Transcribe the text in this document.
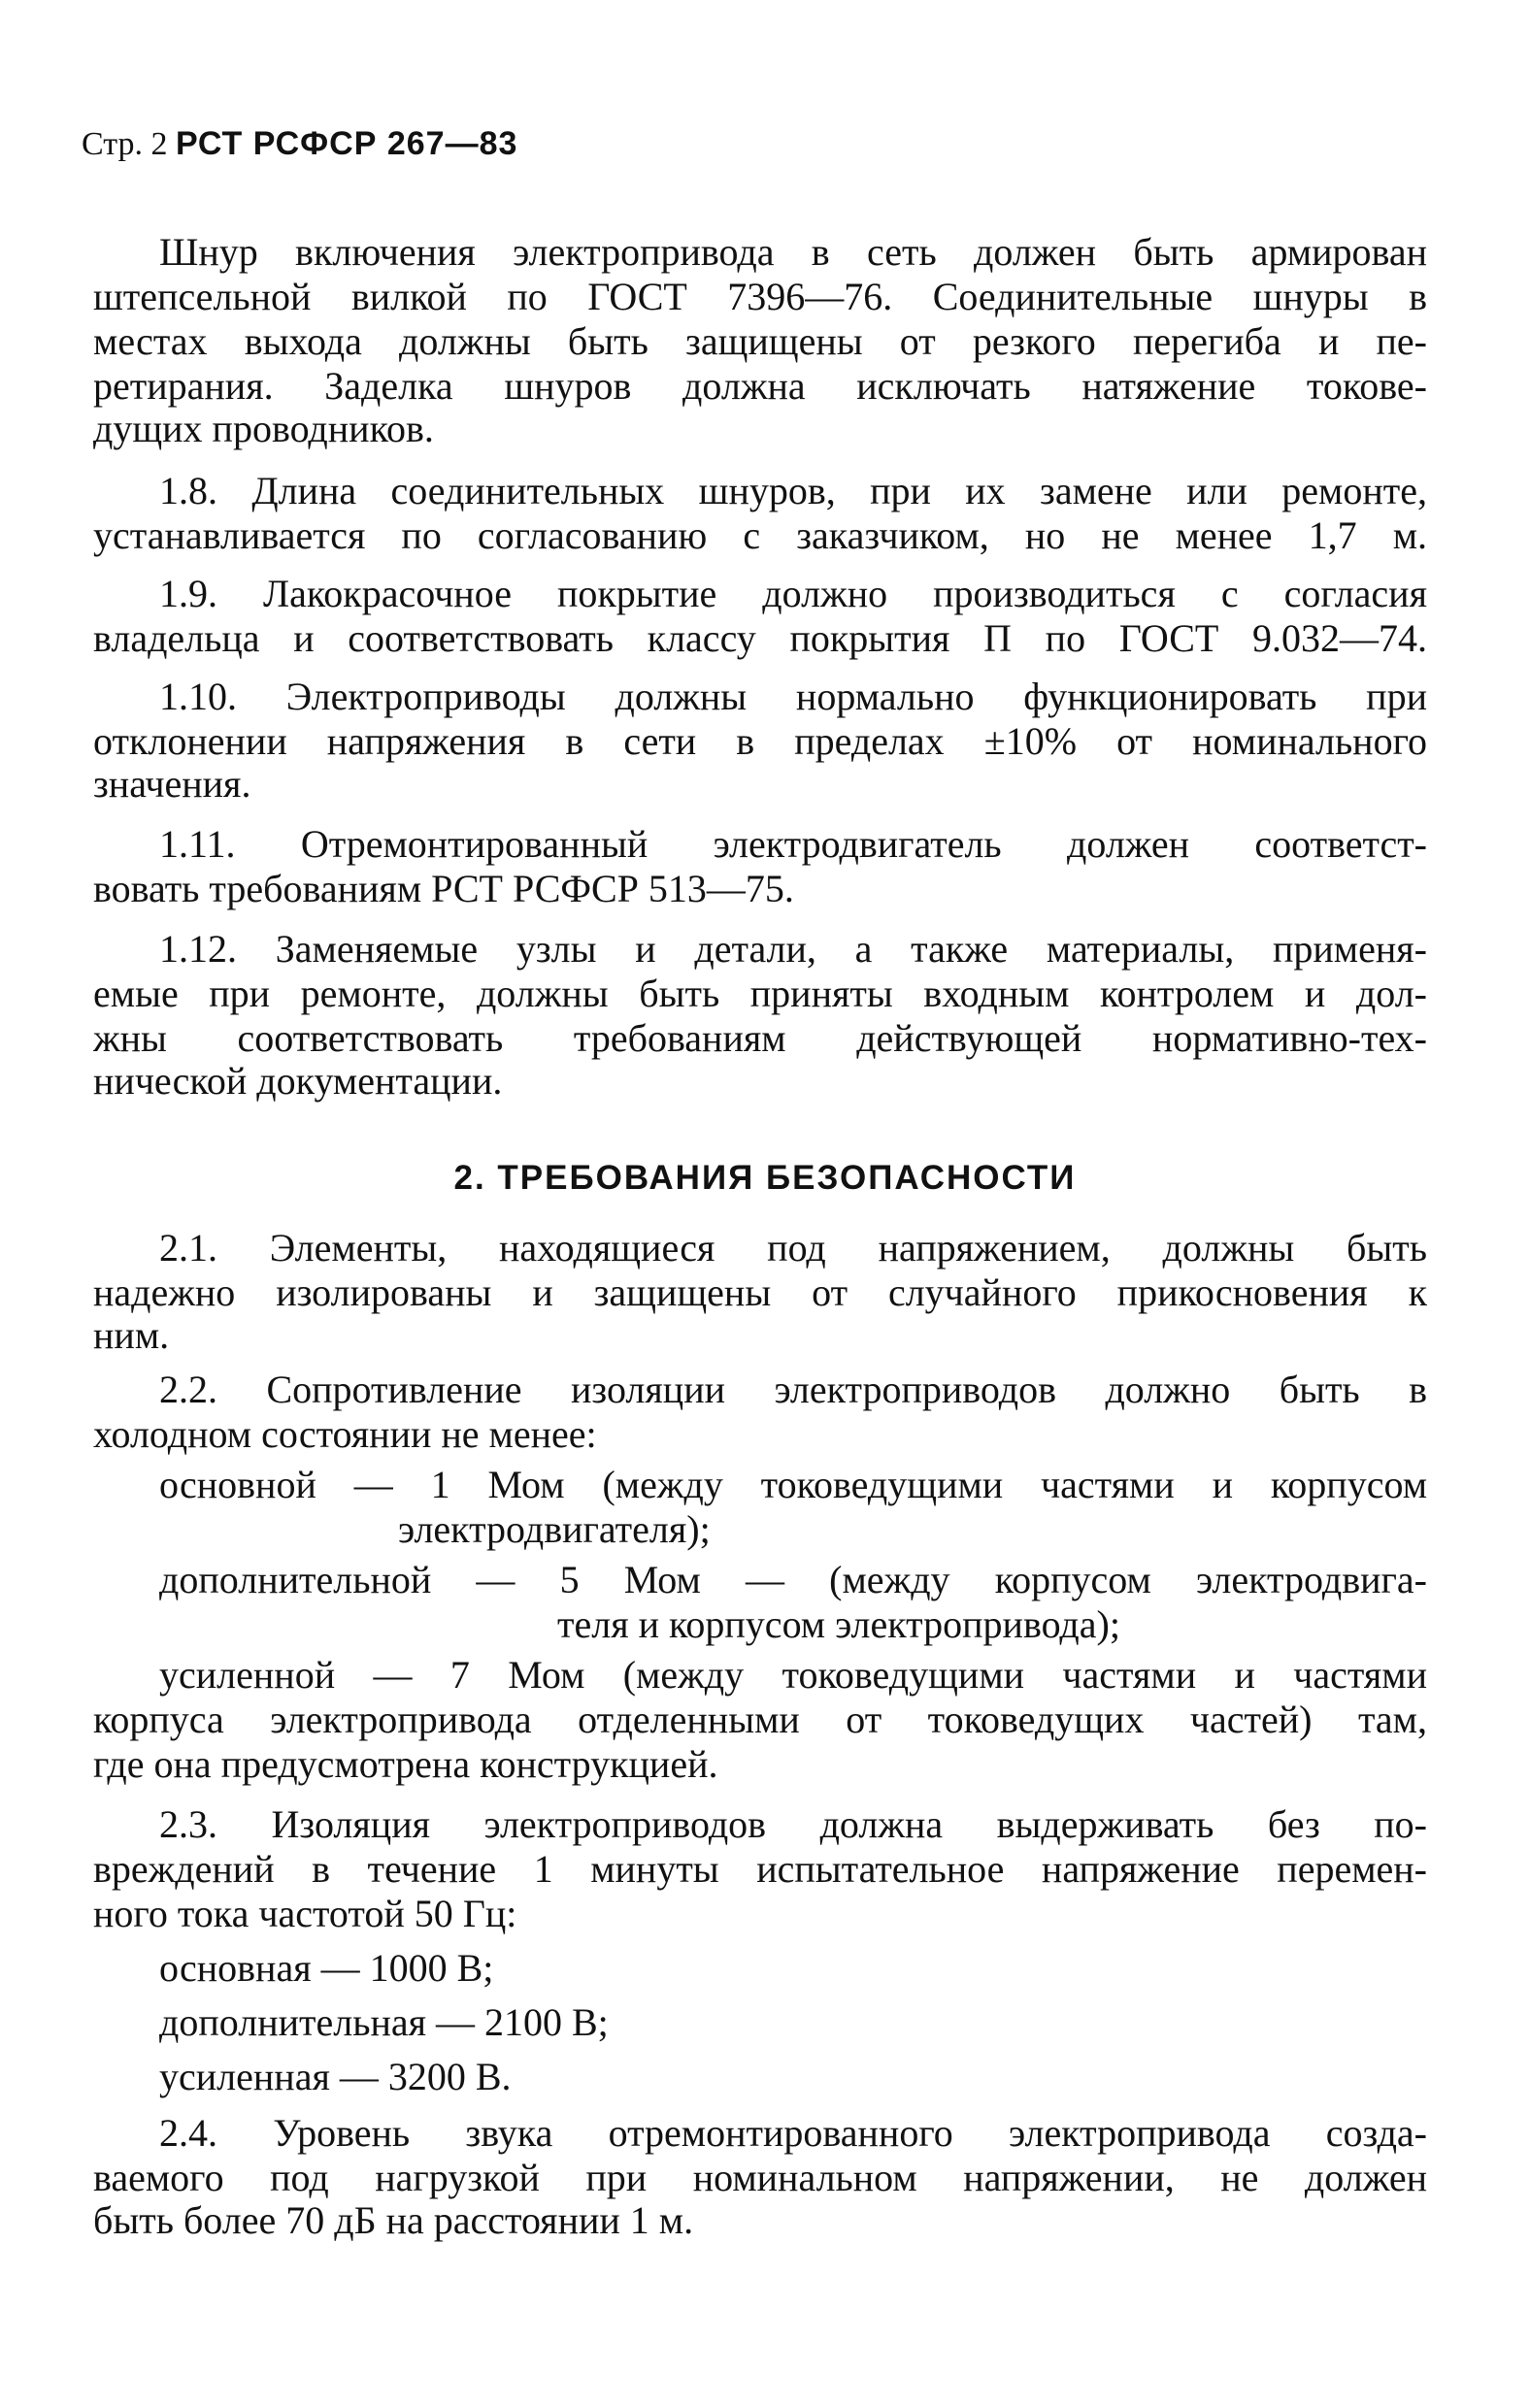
Стр. 2 РСТ РСФСР 267—83
Шнур включения электропривода в сеть должен быть армирован
штепсельной вилкой по ГОСТ 7396—76. Соединительные шнуры в
местах выхода должны быть защищены от резкого перегиба и пе-
ретирания. Заделка шнуров должна исключать натяжение токове-
дущих проводников.
1.8. Длина соединительных шнуров, при их замене или ремонте,
устанавливается по согласованию с заказчиком, но не менее 1,7 м.
1.9. Лакокрасочное покрытие должно производиться с согласия
владельца и соответствовать классу покрытия П по ГОСТ 9.032—74.
1.10. Электроприводы должны нормально функционировать при
отклонении напряжения в сети в пределах ±10% от номинального
значения.
1.11. Отремонтированный электродвигатель должен соответст-
вовать требованиям РСТ РСФСР 513—75.
1.12. Заменяемые узлы и детали, а также материалы, применя-
емые при ремонте, должны быть приняты входным контролем и дол-
жны соответствовать требованиям действующей нормативно-тех-
нической документации.
2. ТРЕБОВАНИЯ БЕЗОПАСНОСТИ
2.1. Элементы, находящиеся под напряжением, должны быть
надежно изолированы и защищены от случайного прикосновения к
ним.
2.2. Сопротивление изоляции электроприводов должно быть в
холодном состоянии не менее:
основной — 1 Мом (между токоведущими частями и корпусом
электродвигателя);
дополнительной — 5 Мом — (между корпусом электродвига-
теля и корпусом электропривода);
усиленной — 7 Мом (между токоведущими частями и частями
корпуса электропривода отделенными от токоведущих частей) там,
где она предусмотрена конструкцией.
2.3. Изоляция электроприводов должна выдерживать без по-
вреждений в течение 1 минуты испытательное напряжение перемен-
ного тока частотой 50 Гц:
основная — 1000 В;
дополнительная — 2100 В;
усиленная — 3200 В.
2.4. Уровень звука отремонтированного электропривода созда-
ваемого под нагрузкой при номинальном напряжении, не должен
быть более 70 дБ на расстоянии 1 м.
